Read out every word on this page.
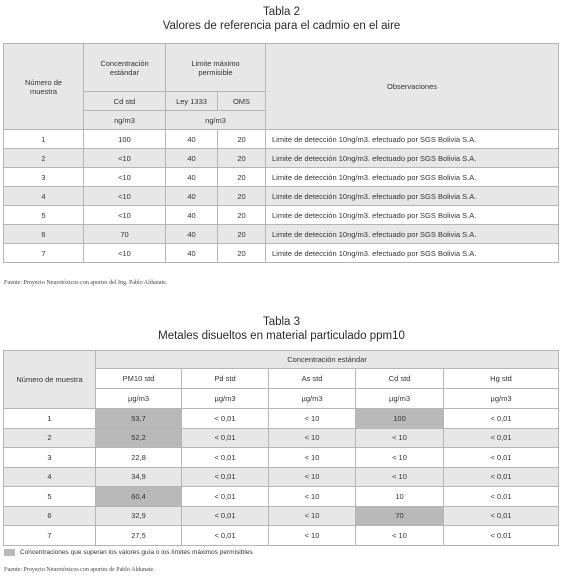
Tabla 2
Valores de referencia para el cadmio en el aire
Número de muestra	Concentración estándar	Limite máximo permisible		Observaciones
	Cd std	Ley 1333	OMS	
	ng/m3	ng/m3		
1	100	40	20	Limite de detección 10ng/m3. efectuado por SGS Bolivia S.A.
2	<10	40	20	Limite de detección 10ng/m3. efectuado por SGS Bolivia S.A.
3	<10	40	20	Limite de detección 10ng/m3. efectuado por SGS Bolivia S.A.
4	<10	40	20	Limite de detección 10ng/m3. efectuado por SGS Bolivia S.A.
5	<10	40	20	Limite de detección 10ng/m3. efectuado por SGS Bolivia S.A.
6	70	40	20	Limite de detección 10ng/m3. efectuado por SGS Bolivia S.A.
7	<10	40	20	Limite de detección 10ng/m3. efectuado por SGS Bolivia S.A.
Fuente: Proyecto Neurotóxicos con aportes del Ing. Pablo Aldunate.
Tabla 3
Metales disueltos en material particulado ppm10
Número de muestra	Concentración estándar				
	PM10 std	Pd std	As std	Cd std	Hg std
	µg/m3	µg/m3	µg/m3	µg/m3	µg/m3
1	53,7	< 0,01	< 10	100	< 0,01
2	52,2	< 0,01	< 10	< 10	< 0,01
3	22,8	< 0,01	< 10	< 10	< 0,01
4	34,9	< 0,01	< 10	< 10	< 0,01
5	60,4	< 0,01	< 10	10	< 0,01
6	32,9	< 0,01	< 10	70	< 0,01
7	27,5	< 0,01	< 10	< 10	< 0,01
Concentraciones que superan los valores guía o los límites máximos permisibles
Fuente: Proyecto Neurotóxicos con aportes de Pablo Aldunate.
